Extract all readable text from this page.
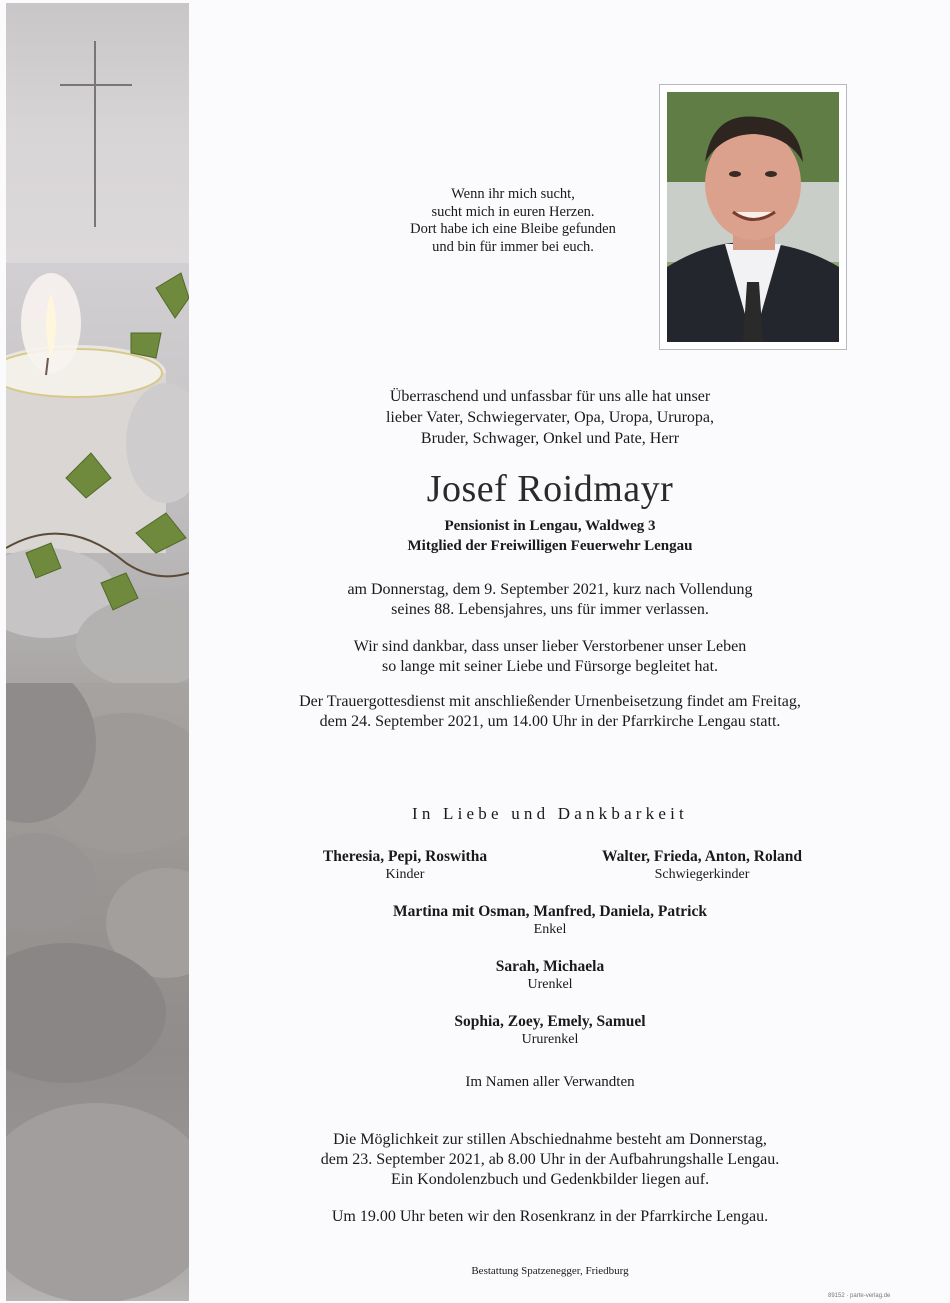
Wenn ihr mich sucht,
sucht mich in euren Herzen.
Dort habe ich eine Bleibe gefunden
und bin für immer bei euch.
Überraschend und unfassbar für uns alle hat unser
lieber Vater, Schwiegervater, Opa, Uropa, Ururopa,
Bruder, Schwager, Onkel und Pate, Herr
Josef Roidmayr
Pensionist in Lengau, Waldweg 3
Mitglied der Freiwilligen Feuerwehr Lengau
am Donnerstag, dem 9. September 2021, kurz nach Vollendung
seines 88. Lebensjahres, uns für immer verlassen.
Wir sind dankbar, dass unser lieber Verstorbener unser Leben
so lange mit seiner Liebe und Fürsorge begleitet hat.
Der Trauergottesdienst mit anschließender Urnenbeisetzung findet am Freitag,
dem 24. September 2021, um 14.00 Uhr in der Pfarrkirche Lengau statt.
In Liebe und Dankbarkeit
Theresia, Pepi, Roswitha
Kinder
Walter, Frieda, Anton, Roland
Schwiegerkinder
Martina mit Osman, Manfred, Daniela, Patrick
Enkel
Sarah, Michaela
Urenkel
Sophia, Zoey, Emely, Samuel
Ururenkel
Im Namen aller Verwandten
Die Möglichkeit zur stillen Abschiednahme besteht am Donnerstag,
dem 23. September 2021, ab 8.00 Uhr in der Aufbahrungshalle Lengau.
Ein Kondolenzbuch und Gedenkbilder liegen auf.
Um 19.00 Uhr beten wir den Rosenkranz in der Pfarrkirche Lengau.
Bestattung Spatzenegger, Friedburg
89152 · parte-verlag.de
